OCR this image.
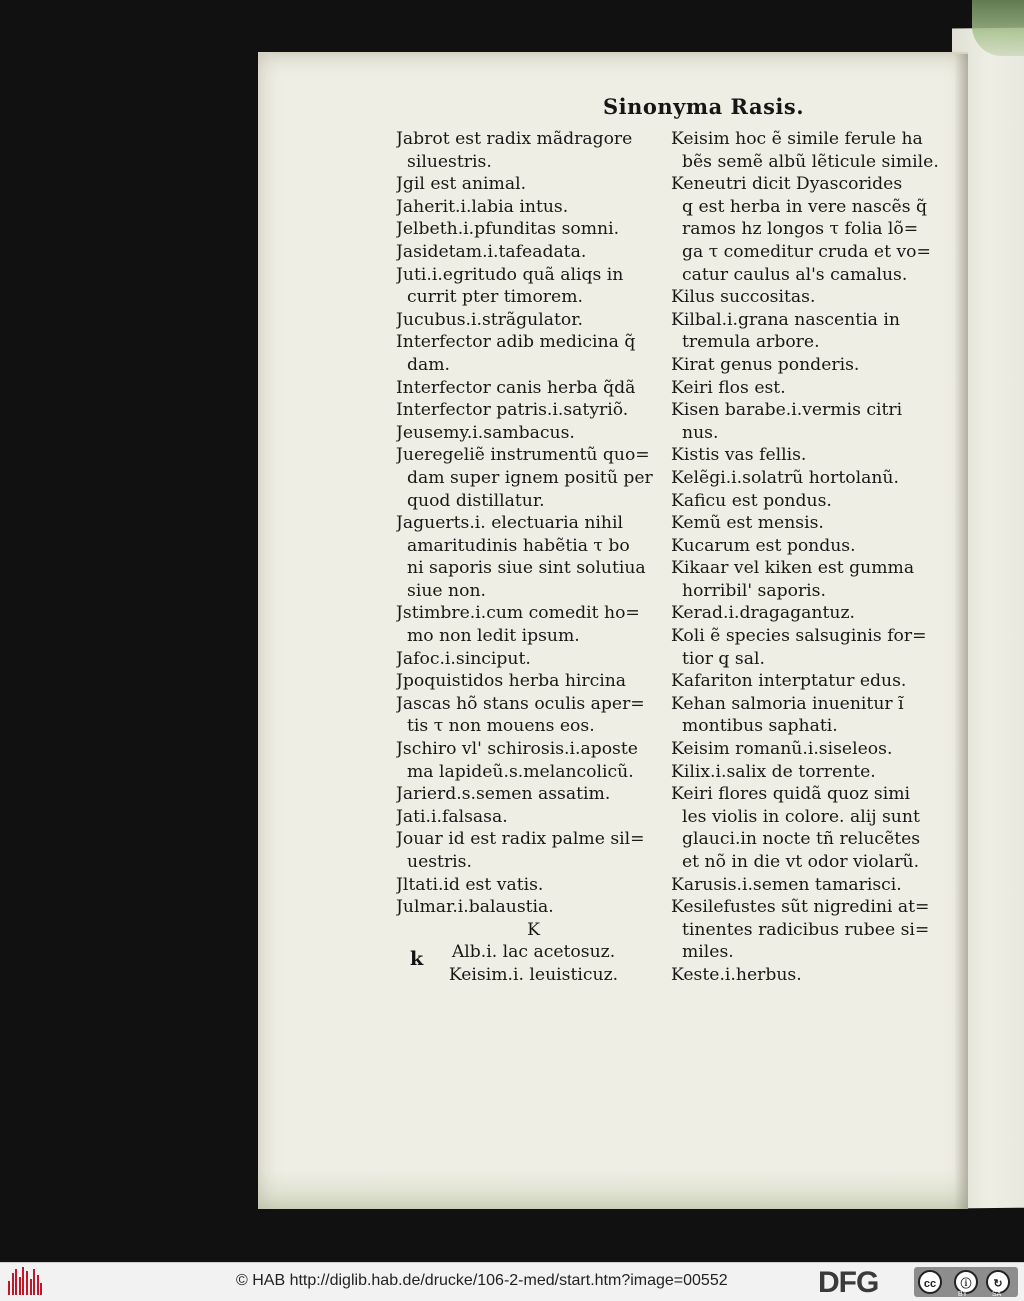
Sinonyma Rasis.
Jabrot est radix mãdragore
siluestris.
Jgil est animal.
Jaherit.i.labia intus.
Jelbeth.i.pfunditas somni.
Jasidetam.i.tafeadata.
Juti.i.egritudo quã aliqs in
currit pter timorem.
Jucubus.i.strãgulator.
Interfector adib medicina q̃
dam.
Interfector canis herba q̃dã
Interfector patris.i.satyriõ.
Jeusemy.i.sambacus.
Jueregeliẽ instrumentũ quo=
dam super ignem positũ per
quod distillatur.
Jaguerts.i. electuaria nihil
amaritudinis habẽtia τ bo
ni saporis siue sint solutiua
siue non.
Jstimbre.i.cum comedit ho=
mo non ledit ipsum.
Jafoc.i.sinciput.
Jpoquistidos herba hircina
Jascas hõ stans oculis aper=
tis τ non mouens eos.
Jschiro vl' schirosis.i.aposte
ma lapideũ.s.melancolicũ.
Jarierd.s.semen assatim.
Jati.i.falsasa.
Jouar id est radix palme sil=
uestris.
Jltati.id est vatis.
Julmar.i.balaustia.
K
Alb.i. lac acetosuz.
Keisim.i. leuisticuz.
Keisim hoc ẽ simile ferule ha
bẽs semẽ albũ lẽticule simile.
Keneutri dicit Dyascorides
q̧ est herba in vere nascẽs q̃
ramos hz longos τ folia lõ=
ga τ comeditur cruda et vo=
catur caulus al's camalus.
Kilus succositas.
Kilbal.i.grana nascentia in
tremula arbore.
Kirat genus ponderis.
Keiri flos est.
Kisen barabe.i.vermis citri
nus.
Kistis vas fellis.
Kelẽgi.i.solatrũ hortolanũ.
Kaficu est pondus.
Kemũ est mensis.
Kucarum est pondus.
Kikaar vel kiken est gumma
horribil' saporis.
Kerad.i.dragagantuz.
Koli ẽ species salsuginis for=
tior q̧ sal.
Kafariton interptatur edus.
Kehan salmoria inuenitur ĩ
montibus saphati.
Keisim romanũ.i.siseleos.
Kilix.i.salix de torrente.
Keiri flores quidã quoz simi
les violis in colore. alij sunt
glauci.in nocte tñ relucẽtes
et nõ in die vt odor violarũ.
Karusis.i.semen tamarisci.
Kesilefustes sũt nigredini at=
tinentes radicibus rubee si=
miles.
Keste.i.herbus.
k
© HAB http://diglib.hab.de/drucke/106-2-med/start.htm?image=00552	DFG	cc	ⓘ
BY
↻
SA
